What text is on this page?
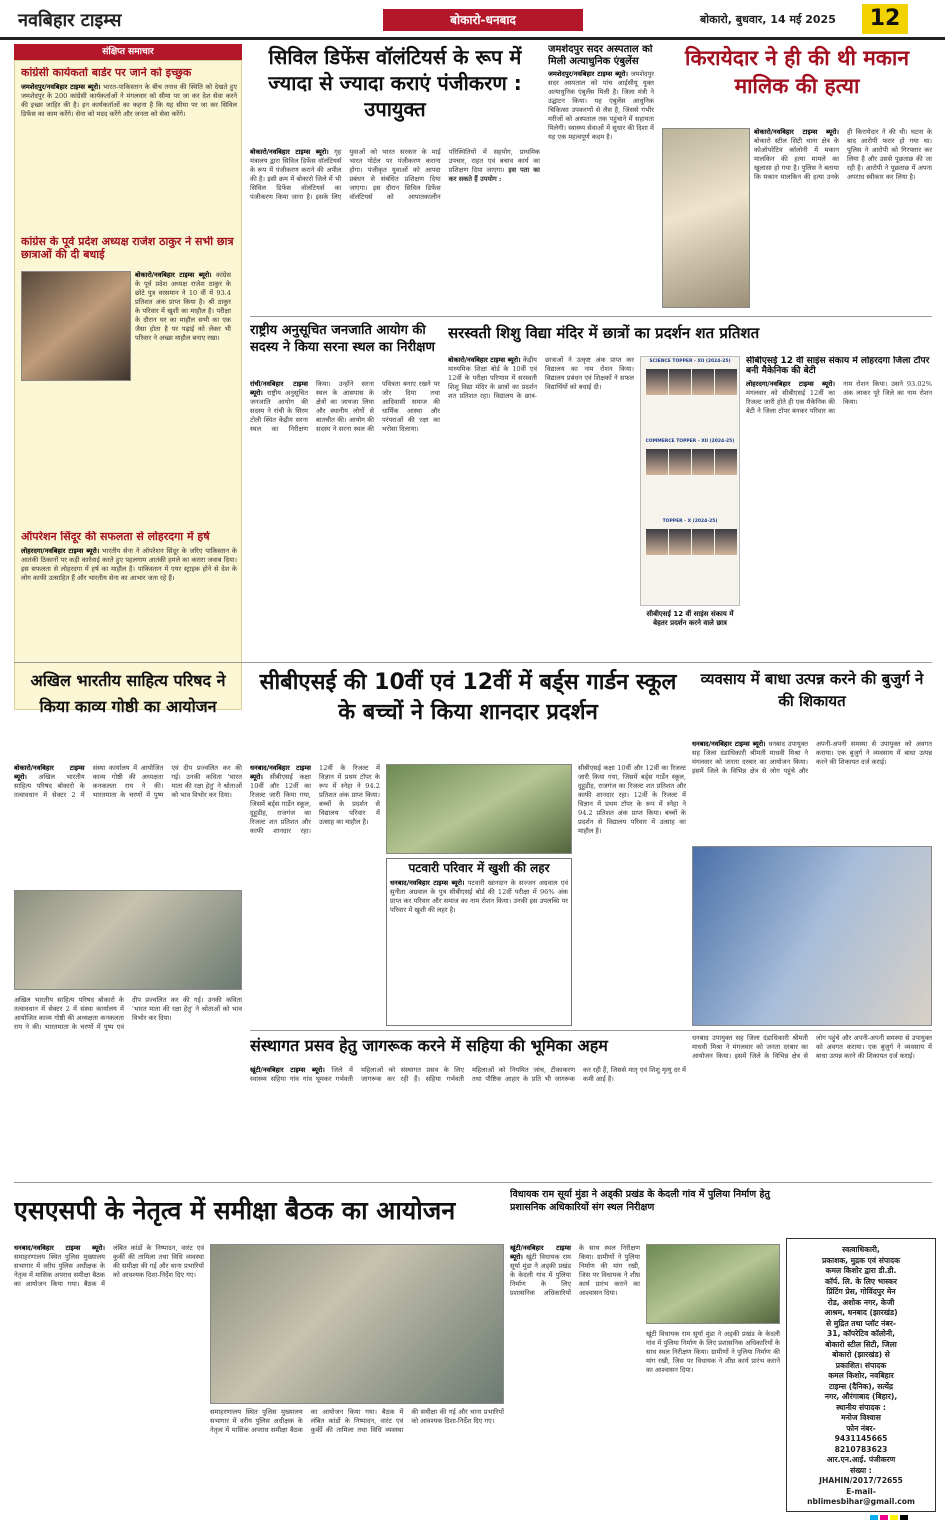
नवबिहार टाइम्स	बोकारो-धनबाद	बोकारो, बुधवार, 14 मई 2025	12
संक्षिप्त समाचार
कांग्रेसी कार्यकर्ता बार्डर पर जाने को इच्छुक
जमशेदपुर/नवबिहार टाइम्स ब्यूरो। भारत-पाकिस्तान के बीच तनाव की स्थिति को देखते हुए जमशेदपुर के 200 कांग्रेसी कार्यकर्ताओं ने मंगलवार को सीमा पर जा कर देश सेवा करने की इच्छा जाहिर की है। इन कार्यकर्ताओं का कहना है कि यह सीमा पर जा कर सिविल डिफेंस का काम करेंगे। सेना को मदद करेंगे और जनता को सेवा करेंगे।
कांग्रेस के पूर्व प्रदेश अध्यक्ष राजेश ठाकुर ने सभी छात्र छात्राओं की दी बधाई
बोकारो/नवबिहार टाइम्स ब्यूरो। कांग्रेस के पूर्व प्रदेश अध्यक्ष राजेश ठाकुर के छोटे पुत्र वरसमान ने 10 वीं में 93.4 प्रतिशत अंक प्राप्त किया है। श्री ठाकुर के परिवार में खुशी का माहौल है। परीक्षा के दौरान घर का माहौल सभी का एक जैसा होता है पर पढ़ाई को लेकर भी परिवार ने अच्छा माहौल बनाए रखा।
ऑपरेशन सिंदूर की सफलता से लोहरदगा में हर्ष
लोहरदगा/नवबिहार टाइम्स ब्यूरो। भारतीय सेना ने ऑपरेशन सिंदूर के जरिए पाकिस्तान के आतंकी ठिकानों पर कड़ी कार्रवाई करते हुए पहलगाम आतंकी हमले का करारा जवाब दिया। इस सफलता से लोहरदगा में हर्ष का माहौल है। पाकिस्तान में एयर स्ट्राइक होने से देश के लोग काफी उत्साहित हैं और भारतीय सेना का आभार जता रहे हैं।
सिविल डिफेंस वॉलंटियर्स के रूप में ज्यादा से ज्यादा कराएं पंजीकरण : उपायुक्त
बोकारो/नवबिहार टाइम्स ब्यूरो। गृह मंत्रालय द्वारा सिविल डिफेंस वॉलंटियर्स के रूप में पंजीकरण कराने की अपील की है। इसी क्रम में बोकारो जिले में भी सिविल डिफेंस वॉलंटियर्स का पंजीकरण किया जाना है। इसके लिए युवाओं को भारत सरकार के माई भारत पोर्टल पर पंजीकरण कराना होगा। पंजीकृत युवाओं को आपदा प्रबंधन से संबंधित प्रशिक्षण दिया जाएगा। इस दौरान सिविल डिफेंस वॉलंटियर्स को आपातकालीन परिस्थितियों में सहयोग, प्राथमिक उपचार, राहत एवं बचाव कार्य का प्रशिक्षण दिया जाएगा। इस पता का कर सकते हैं उपयोग :
जमशेदपुर सदर अस्पताल को मिली अत्याधुनिक एंबुलेंस
जमशेदपुर/नवबिहार टाइम्स ब्यूरो। जमशेदपुर सदर अस्पताल को पांच आईसीयू युक्त अत्याधुनिक एंबुलेंस मिली है। जिला मंत्री ने उद्घाटन किया। यह एंबुलेंस आधुनिक चिकित्सा उपकरणों से लैस है, जिससे गंभीर मरीजों को अस्पताल तक पहुंचाने में सहायता मिलेगी। स्वास्थ्य सेवाओं में सुधार की दिशा में यह एक महत्वपूर्ण कदम है।
किरायेदार ने ही की थी मकान मालिक की हत्या
बोकारो/नवबिहार टाइम्स ब्यूरो। बोकारो स्टील सिटी थाना क्षेत्र के कोऑपरेटिव कॉलोनी में मकान मालकिन की हत्या मामले का खुलासा हो गया है। पुलिस ने बताया कि मकान मालकिन की हत्या उनके ही किरायेदार ने की थी। घटना के बाद आरोपी फरार हो गया था। पुलिस ने आरोपी को गिरफ्तार कर लिया है और उससे पूछताछ की जा रही है। आरोपी ने पूछताछ में अपना अपराध स्वीकार कर लिया है।
राष्ट्रीय अनुसूचित जनजाति आयोग की सदस्य ने किया सरना स्थल का निरीक्षण
रांची/नवबिहार टाइम्स ब्यूरो। राष्ट्रीय अनुसूचित जनजाति आयोग की सदस्य ने रांची के सिरम टोली स्थित केंद्रीय सरना स्थल का निरीक्षण किया। उन्होंने सरना स्थल के आसपास के क्षेत्रों का जायजा लिया और स्थानीय लोगों से बातचीत की। आयोग की सदस्य ने सरना स्थल की पवित्रता बनाए रखने पर जोर दिया तथा आदिवासी समाज की धार्मिक आस्था और परंपराओं की रक्षा का भरोसा दिलाया।
सरस्वती शिशु विद्या मंदिर में छात्रों का प्रदर्शन शत प्रतिशत
बोकारो/नवबिहार टाइम्स ब्यूरो। केंद्रीय माध्यमिक शिक्षा बोर्ड के 10वीं एवं 12वीं के परीक्षा परिणाम में सरस्वती शिशु विद्या मंदिर के छात्रों का प्रदर्शन शत प्रतिशत रहा। विद्यालय के छात्र-छात्राओं ने उत्कृष्ट अंक प्राप्त कर विद्यालय का नाम रोशन किया। विद्यालय प्रबंधन एवं शिक्षकों ने सफल विद्यार्थियों को बधाई दी।
SCIENCE TOPPER - XII (2024-25)
COMMERCE TOPPER - XII (2024-25)
TOPPER - X (2024-25)
सीबीएसई 12 वीं साइंस संकाय में बेहतर प्रदर्शन करने वाले छात्र
सीबीएसई 12 वीं साइंस संकाय में लोहरदगा जिला टॉपर बनी मैकेनिक की बेटी
लोहरदगा/नवबिहार टाइम्स ब्यूरो। मंगलवार को सीबीएसई 12वीं का रिजल्ट जारी होते ही एक मैकेनिक की बेटी ने जिला टॉपर बनकर परिवार का नाम रोशन किया। उसने 93.02% अंक लाकर पूरे जिले का नाम रोशन किया।
अखिल भारतीय साहित्य परिषद ने किया काव्य गोष्ठी का आयोजन
बोकारो/नवबिहार टाइम्स ब्यूरो। अखिल भारतीय साहित्य परिषद बोकारो के तत्वावधान में सेक्टर 2 में संस्था कार्यालय में आयोजित काव्य गोष्ठी की अध्यक्षता कनकलता राय ने की। भारतमाता के चरणों में पुष्प एवं दीप प्रज्वलित कर की गई। उनकी कविता 'भारत माता की रक्षा हेतु' ने श्रोताओं को भाव विभोर कर दिया।
अखिल भारतीय साहित्य परिषद बोकारो के तत्वावधान में सेक्टर 2 में संस्था कार्यालय में आयोजित काव्य गोष्ठी की अध्यक्षता कनकलता राय ने की। भारतमाता के चरणों में पुष्प एवं दीप प्रज्वलित कर की गई। उनकी कविता 'भारत माता की रक्षा हेतु' ने श्रोताओं को भाव विभोर कर दिया।
सीबीएसई की 10वीं एवं 12वीं में बर्ड्स गार्डन स्कूल के बच्चों ने किया शानदार प्रदर्शन
धनबाद/नवबिहार टाइम्स ब्यूरो। सीबीएसई कक्षा 10वीं और 12वीं का रिजल्ट जारी किया गया, जिसमें बर्ड्स गार्डेन स्कूल, दुहुडीह, राजगंज का रिजल्ट शत प्रतिशत और काफी शानदार रहा। 12वीं के रिजल्ट में विज्ञान में प्रथम टॉपर के रूप में स्नेहा ने 94.2 प्रतिशत अंक प्राप्त किया। बच्चों के प्रदर्शन से विद्यालय परिवार में उत्साह का माहौल है।
सीबीएसई कक्षा 10वीं और 12वीं का रिजल्ट जारी किया गया, जिसमें बर्ड्स गार्डेन स्कूल, दुहुडीह, राजगंज का रिजल्ट शत प्रतिशत और काफी शानदार रहा। 12वीं के रिजल्ट में विज्ञान में प्रथम टॉपर के रूप में स्नेहा ने 94.2 प्रतिशत अंक प्राप्त किया। बच्चों के प्रदर्शन से विद्यालय परिवार में उत्साह का माहौल है।
पटवारी परिवार में खुशी की लहर
धनबाद/नवबिहार टाइम्स ब्यूरो। पटवारी खानदान के सज्जन अग्रवाल एवं सुनीता अग्रवाल के पुत्र सीबीएसई बोर्ड की 12वीं परीक्षा में 96% अंक प्राप्त कर परिवार और समाज का नाम रोशन किया। उनकी इस उपलब्धि पर परिवार में खुशी की लहर है।
व्यवसाय में बाधा उत्पन्न करने की बुजुर्ग ने की शिकायत
धनबाद/नवबिहार टाइम्स ब्यूरो। धनबाद उपायुक्त सह जिला दंडाधिकारी श्रीमती माधवी मिश्रा ने मंगलवार को जनता दरबार का आयोजन किया। इसमें जिले के विभिन्न क्षेत्र से लोग पहुंचे और अपनी-अपनी समस्या से उपायुक्त को अवगत कराया। एक बुजुर्ग ने व्यवसाय में बाधा उत्पन्न करने की शिकायत दर्ज कराई।
संस्थागत प्रसव हेतु जागरूक करने में सहिया की भूमिका अहम
खूंटी/नवबिहार टाइम्स ब्यूरो। जिले में स्वास्थ्य सहिया गांव गांव घूमकर गर्भवती महिलाओं को संस्थागत प्रसव के लिए जागरूक कर रही हैं। सहिया गर्भवती महिलाओं को नियमित जांच, टीकाकरण तथा पौष्टिक आहार के प्रति भी जागरूक कर रही हैं, जिससे मातृ एवं शिशु मृत्यु दर में कमी आई है।
धनबाद उपायुक्त सह जिला दंडाधिकारी श्रीमती माधवी मिश्रा ने मंगलवार को जनता दरबार का आयोजन किया। इसमें जिले के विभिन्न क्षेत्र से लोग पहुंचे और अपनी-अपनी समस्या से उपायुक्त को अवगत कराया। एक बुजुर्ग ने व्यवसाय में बाधा उत्पन्न करने की शिकायत दर्ज कराई।
एसएसपी के नेतृत्व में समीक्षा बैठक का आयोजन
धनबाद/नवबिहार टाइम्स ब्यूरो। समाहरणालय स्थित पुलिस मुख्यालय सभागार में वरीय पुलिस अधीक्षक के नेतृत्व में मासिक अपराध समीक्षा बैठक का आयोजन किया गया। बैठक में लंबित कांडों के निष्पादन, वारंट एवं कुर्की की तामिला तथा विधि व्यवस्था की समीक्षा की गई और थाना प्रभारियों को आवश्यक दिशा-निर्देश दिए गए।
समाहरणालय स्थित पुलिस मुख्यालय सभागार में वरीय पुलिस अधीक्षक के नेतृत्व में मासिक अपराध समीक्षा बैठक का आयोजन किया गया। बैठक में लंबित कांडों के निष्पादन, वारंट एवं कुर्की की तामिला तथा विधि व्यवस्था की समीक्षा की गई और थाना प्रभारियों को आवश्यक दिशा-निर्देश दिए गए।
विधायक राम सूर्या मुंडा ने अड्की प्रखंड के केदली गांव में पुलिया निर्माण हेतु प्रशासनिक अधिकारियों संग स्थल निरीक्षण
खूंटी/नवबिहार टाइम्स ब्यूरो। खूंटी विधायक राम सूर्या मुंडा ने अड्की प्रखंड के केदली गांव में पुलिया निर्माण के लिए प्रशासनिक अधिकारियों के साथ स्थल निरीक्षण किया। ग्रामीणों ने पुलिया निर्माण की मांग रखी, जिस पर विधायक ने शीघ्र कार्य प्रारंभ कराने का आश्वासन दिया।
खूंटी विधायक राम सूर्या मुंडा ने अड्की प्रखंड के केदली गांव में पुलिया निर्माण के लिए प्रशासनिक अधिकारियों के साथ स्थल निरीक्षण किया। ग्रामीणों ने पुलिया निर्माण की मांग रखी, जिस पर विधायक ने शीघ्र कार्य प्रारंभ कराने का आश्वासन दिया।
स्वत्वाधिकारी,
प्रकाशक, मुद्रक एवं संपादक
कमल किशोर द्वारा डी.डी.
कॉर्प. लि. के लिए भास्कर
प्रिंटिंग प्रेस, गोविंदपुर मेन
रोड, अशोक नगर, केजी
आश्रम, धनबाद (झारखंड)
से मुद्रित तथा प्लॉट नंबर-
31, कॉपरेटिव कॉलोनी,
बोकारो स्टील सिटी, जिला
बोकारो (झारखंड) से
प्रकाशित। संपादक
कमल किशोर, नवबिहार
टाइम्स (दैनिक), सत्येंद्र
नगर, औरंगाबाद (बिहार),
स्थानीय संपादक :
मनोज विश्वास
फोन नंबर-
9431145665
8210783623
आर.एन.आई. पंजीकरण
संख्या :
JHAHIN/2017/72655
E-mail-
nblimesbihar@gmail.com
